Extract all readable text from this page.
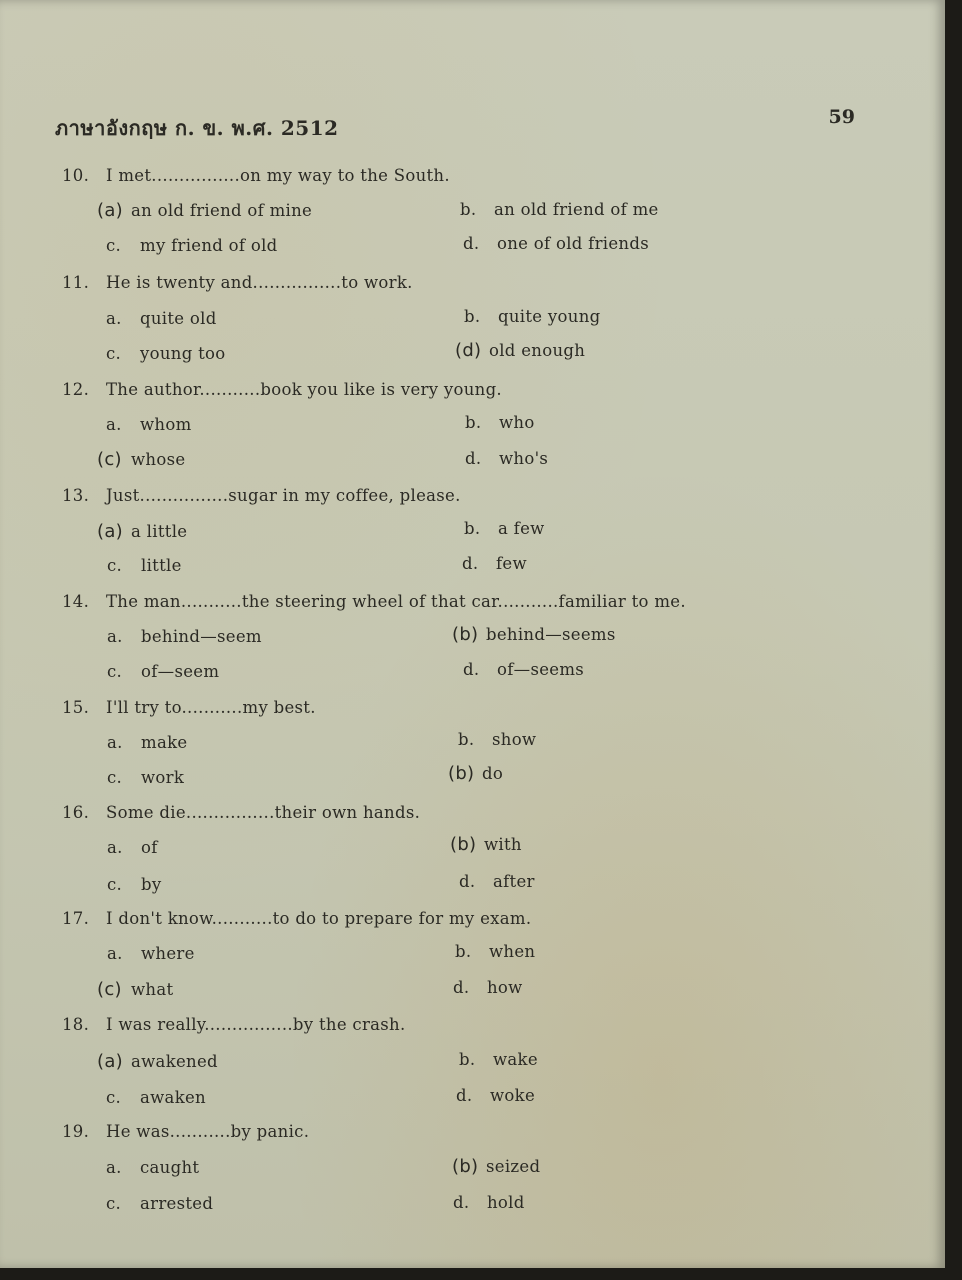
ภาษาอังกฤษ ก. ข. พ.ศ. 2512	59
10. I met................on my way to the South.
(a) an old friend of mine	b. an old friend of me
c. my friend of old	d. one of old friends
11. He is twenty and................to work.
a. quite old	b. quite young
c. young too	(d) old enough
12. The author...........book you like is very young.
a. whom	b. who
(c) whose	d. who's
13. Just................sugar in my coffee, please.
(a) a little	b. a few
c. little	d. few
14. The man...........the steering wheel of that car...........familiar to me.
a. behind—seem	(b) behind—seems
c. of—seem	d. of—seems
15. I'll try to...........my best.
a. make	b. show
c. work	(b) do
16. Some die................their own hands.
a. of	(b) with
c. by	d. after
17. I don't know...........to do to prepare for my exam.
a. where	b. when
(c) what	d. how
18. I was really................by the crash.
(a) awakened	b. wake
c. awaken	d. woke
19. He was...........by panic.
a. caught	(b) seized
c. arrested	d. hold
